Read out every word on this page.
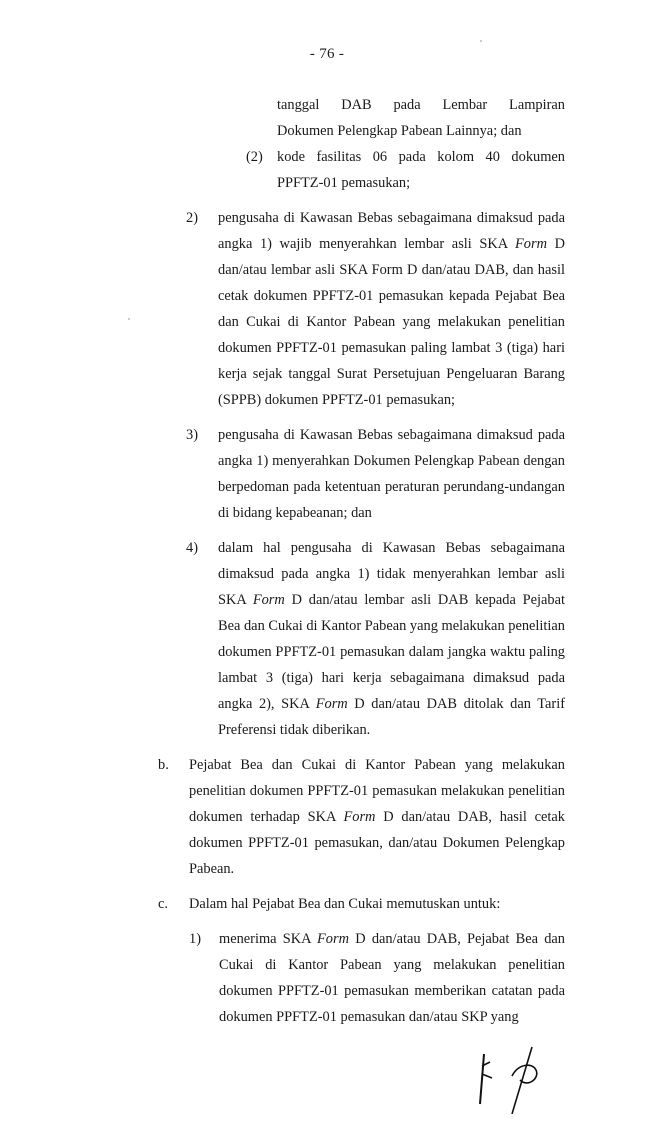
- 76 -
tanggal DAB pada Lembar Lampiran
Dokumen Pelengkap Pabean Lainnya; dan
(2) kode fasilitas 06 pada kolom 40 dokumen PPFTZ-01 pemasukan;
2) pengusaha di Kawasan Bebas sebagaimana dimaksud pada angka 1) wajib menyerahkan lembar asli SKA Form D dan/atau lembar asli SKA Form D dan/atau DAB, dan hasil cetak dokumen PPFTZ-01 pemasukan kepada Pejabat Bea dan Cukai di Kantor Pabean yang melakukan penelitian dokumen PPFTZ-01 pemasukan paling lambat 3 (tiga) hari kerja sejak tanggal Surat Persetujuan Pengeluaran Barang (SPPB) dokumen PPFTZ-01 pemasukan;
3) pengusaha di Kawasan Bebas sebagaimana dimaksud pada angka 1) menyerahkan Dokumen Pelengkap Pabean dengan berpedoman pada ketentuan peraturan perundang-undangan di bidang kepabeanan; dan
4) dalam hal pengusaha di Kawasan Bebas sebagaimana dimaksud pada angka 1) tidak menyerahkan lembar asli SKA Form D dan/atau lembar asli DAB kepada Pejabat Bea dan Cukai di Kantor Pabean yang melakukan penelitian dokumen PPFTZ-01 pemasukan dalam jangka waktu paling lambat 3 (tiga) hari kerja sebagaimana dimaksud pada angka 2), SKA Form D dan/atau DAB ditolak dan Tarif Preferensi tidak diberikan.
b. Pejabat Bea dan Cukai di Kantor Pabean yang melakukan penelitian dokumen PPFTZ-01 pemasukan melakukan penelitian dokumen terhadap SKA Form D dan/atau DAB, hasil cetak dokumen PPFTZ-01 pemasukan, dan/atau Dokumen Pelengkap Pabean.
c. Dalam hal Pejabat Bea dan Cukai memutuskan untuk:
1) menerima SKA Form D dan/atau DAB, Pejabat Bea dan Cukai di Kantor Pabean yang melakukan penelitian dokumen PPFTZ-01 pemasukan memberikan catatan pada dokumen PPFTZ-01 pemasukan dan/atau SKP yang
